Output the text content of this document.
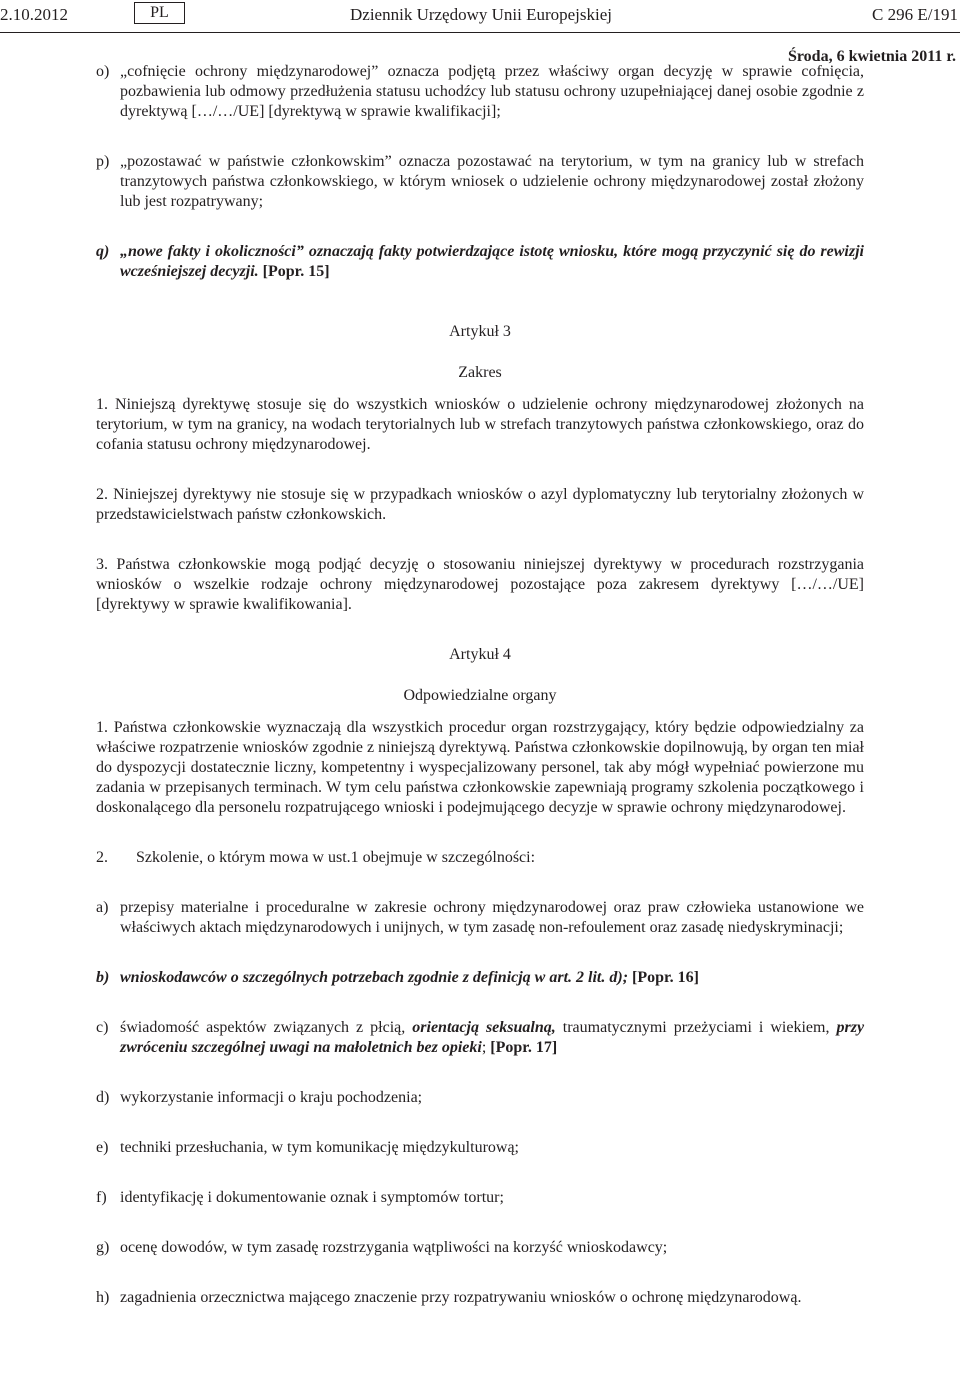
2.10.2012	PL	Dziennik Urzędowy Unii Europejskiej	C 296 E/191
Środa, 6 kwietnia 2011 r.
o) „cofnięcie ochrony międzynarodowej” oznacza podjętą przez właściwy organ decyzję w sprawie cofnięcia, pozbawienia lub odmowy przedłużenia statusu uchodźcy lub statusu ochrony uzupełniającej danej osobie zgodnie z dyrektywą […/…/UE] [dyrektywą w sprawie kwalifikacji];
p) „pozostawać w państwie członkowskim” oznacza pozostawać na terytorium, w tym na granicy lub w strefach tranzytowych państwa członkowskiego, w którym wniosek o udzielenie ochrony międzynarodowej został złożony lub jest rozpatrywany;
q) „nowe fakty i okoliczności” oznaczają fakty potwierdzające istotę wniosku, które mogą przyczynić się do rewizji wcześniejszej decyzji. [Popr. 15]
Artykuł 3
Zakres

1. Niniejszą dyrektywę stosuje się do wszystkich wniosków o udzielenie ochrony międzynarodowej złożonych na terytorium, w tym na granicy, na wodach terytorialnych lub w strefach tranzytowych państwa członkowskiego, oraz do cofania statusu ochrony międzynarodowej.

2. Niniejszej dyrektywy nie stosuje się w przypadkach wniosków o azyl dyplomatyczny lub terytorialny złożonych w przedstawicielstwach państw członkowskich.

3. Państwa członkowskie mogą podjąć decyzję o stosowaniu niniejszej dyrektywy w procedurach rozstrzygania wniosków o wszelkie rodzaje ochrony międzynarodowej pozostające poza zakresem dyrektywy […/…/UE] [dyrektywy w sprawie kwalifikowania].

Artykuł 4
Odpowiedzialne organy

1. Państwa członkowskie wyznaczają dla wszystkich procedur organ rozstrzygający, który będzie odpowiedzialny za właściwe rozpatrzenie wniosków zgodnie z niniejszą dyrektywą. Państwa członkowskie dopilnowują, by organ ten miał do dyspozycji dostatecznie liczny, kompetentny i wyspecjalizowany personel, tak aby mógł wypełniać powierzone mu zadania w przepisanych terminach. W tym celu państwa członkowskie zapewniają programy szkolenia początkowego i doskonalącego dla personelu rozpatrującego wnioski i podejmującego decyzje w sprawie ochrony międzynarodowej.

2. Szkolenie, o którym mowa w ust.1 obejmuje w szczególności:

a) przepisy materialne i proceduralne w zakresie ochrony międzynarodowej oraz praw człowieka ustanowione we właściwych aktach międzynarodowych i unijnych, w tym zasadę non-refoulement oraz zasadę niedyskryminacji;
b) wnioskodawców o szczególnych potrzebach zgodnie z definicją w art. 2 lit. d); [Popr. 16]
c) świadomość aspektów związanych z płcią, orientacją seksualną, traumatycznymi przeżyciami i wiekiem, przy zwróceniu szczególnej uwagi na małoletnich bez opieki; [Popr. 17]
d) wykorzystanie informacji o kraju pochodzenia;
e) techniki przesłuchania, w tym komunikację międzykulturową;
f) identyfikację i dokumentowanie oznak i symptomów tortur;
g) ocenę dowodów, w tym zasadę rozstrzygania wątpliwości na korzyść wnioskodawcy;
h) zagadnienia orzecznictwa mającego znaczenie przy rozpatrywaniu wniosków o ochronę międzynarodową.
